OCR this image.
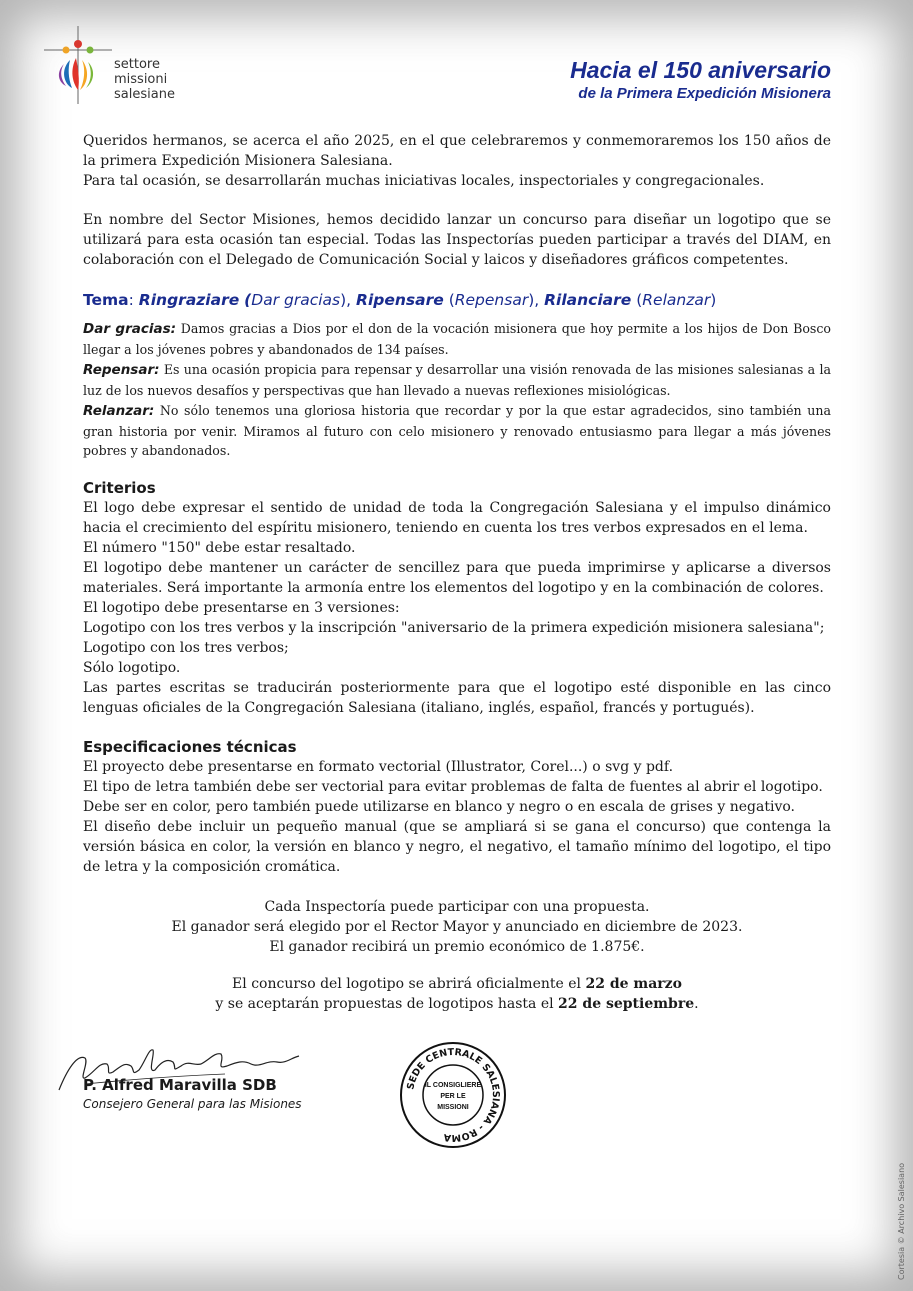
settore
missioni
salesiane
Hacia el 150 aniversario
de la Primera Expedición Misionera
Queridos hermanos, se acerca el año 2025, en el que celebraremos y conmemoraremos los 150 años de la primera Expedición Misionera Salesiana.
Para tal ocasión, se desarrollarán muchas iniciativas locales, inspectoriales y congregacionales.
En nombre del Sector Misiones, hemos decidido lanzar un concurso para diseñar un logotipo que se utilizará para esta ocasión tan especial. Todas las Inspectorías pueden participar a través del DIAM, en colaboración con el Delegado de Comunicación Social y laicos y diseñadores gráficos competentes.
Tema: Ringraziare (Dar gracias), Ripensare (Repensar), Rilanciare (Relanzar)
Dar gracias: Damos gracias a Dios por el don de la vocación misionera que hoy permite a los hijos de Don Bosco llegar a los jóvenes pobres y abandonados de 134 países.
Repensar: Es una ocasión propicia para repensar y desarrollar una visión renovada de las misiones salesianas a la luz de los nuevos desafíos y perspectivas que han llevado a nuevas reflexiones misiológicas.
Relanzar: No sólo tenemos una gloriosa historia que recordar y por la que estar agradecidos, sino también una gran historia por venir. Miramos al futuro con celo misionero y renovado entusiasmo para llegar a más jóvenes pobres y abandonados.
Criterios
El logo debe expresar el sentido de unidad de toda la Congregación Salesiana y el impulso dinámico hacia el crecimiento del espíritu misionero, teniendo en cuenta los tres verbos expresados en el lema.
El número "150" debe estar resaltado.
El logotipo debe mantener un carácter de sencillez para que pueda imprimirse y aplicarse a diversos materiales. Será importante la armonía entre los elementos del logotipo y en la combinación de colores.
El logotipo debe presentarse en 3 versiones:
Logotipo con los tres verbos y la inscripción "aniversario de la primera expedición misionera salesiana";
Logotipo con los tres verbos;
Sólo logotipo.
Las partes escritas se traducirán posteriormente para que el logotipo esté disponible en las cinco lenguas oficiales de la Congregación Salesiana (italiano, inglés, español, francés y portugués).
Especificaciones técnicas
El proyecto debe presentarse en formato vectorial (Illustrator, Corel...) o svg y pdf.
El tipo de letra también debe ser vectorial para evitar problemas de falta de fuentes al abrir el logotipo.
Debe ser en color, pero también puede utilizarse en blanco y negro o en escala de grises y negativo.
El diseño debe incluir un pequeño manual (que se ampliará si se gana el concurso) que contenga la versión básica en color, la versión en blanco y negro, el negativo, el tamaño mínimo del logotipo, el tipo de letra y la composición cromática.
Cada Inspectoría puede participar con una propuesta.
El ganador será elegido por el Rector Mayor y anunciado en diciembre de 2023.
El ganador recibirá un premio económico de 1.875€.
El concurso del logotipo se abrirá oficialmente el 22 de marzo
y se aceptarán propuestas de logotipos hasta el 22 de septiembre.
P. Alfred Maravilla SDB
Consejero General para las Misiones
SEDE CENTRALE SALESIANA - ROMA
IL CONSIGLIERE
PER LE
MISSIONI
Cortesia © Archivo Salesiano
